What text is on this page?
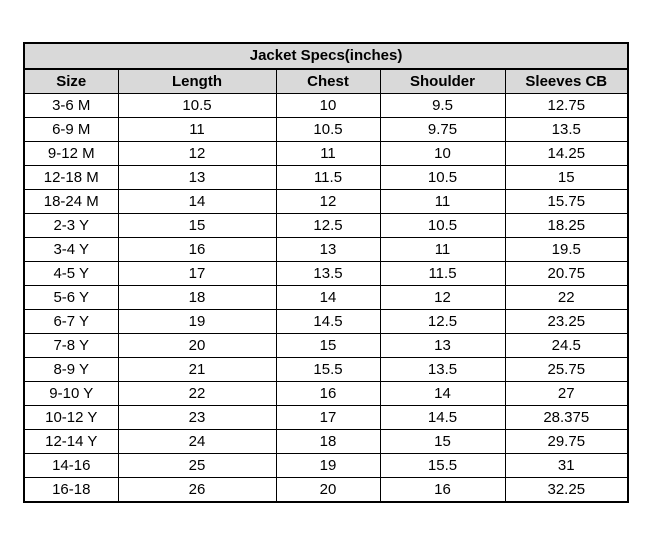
Jacket Specs(inches)				
Size	Length	Chest	Shoulder	Sleeves CB
3-6 M	10.5	10	9.5	12.75
6-9 M	11	10.5	9.75	13.5
9-12 M	12	11	10	14.25
12-18 M	13	11.5	10.5	15
18-24 M	14	12	11	15.75
2-3 Y	15	12.5	10.5	18.25
3-4 Y	16	13	11	19.5
4-5 Y	17	13.5	11.5	20.75
5-6 Y	18	14	12	22
6-7 Y	19	14.5	12.5	23.25
7-8 Y	20	15	13	24.5
8-9 Y	21	15.5	13.5	25.75
9-10 Y	22	16	14	27
10-12 Y	23	17	14.5	28.375
12-14 Y	24	18	15	29.75
14-16	25	19	15.5	31
16-18	26	20	16	32.25
